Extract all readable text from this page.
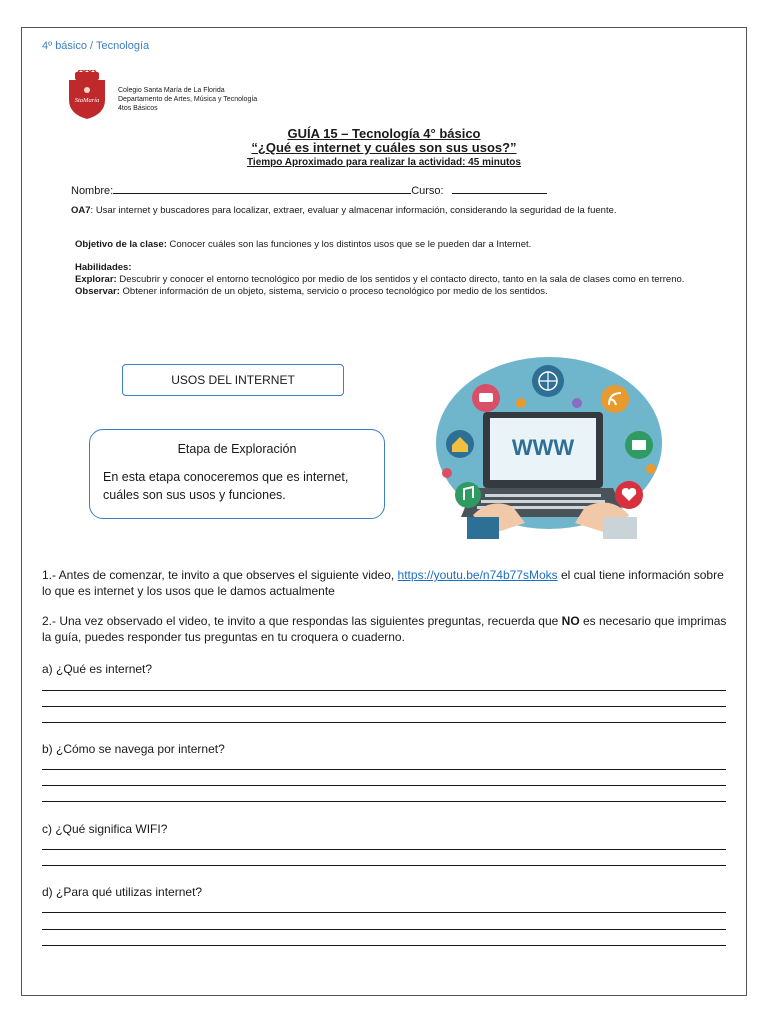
4º básico / Tecnología
StaMaría
Colegio Santa María de La Florida
Departamento de Artes, Música y Tecnología
4tos Básicos
GUÍA 15 – Tecnología 4° básico
“¿Qué es internet y cuáles son sus usos?”
Tiempo Aproximado para realizar la actividad: 45 minutos
Nombre:	Curso:
OA7: Usar internet y buscadores para localizar, extraer, evaluar y almacenar información, considerando la seguridad de la fuente.
Objetivo de la clase: Conocer cuáles son las funciones y los distintos usos que se le pueden dar a Internet.
Habilidades:
Explorar: Descubrir y conocer el entorno tecnológico por medio de los sentidos y el contacto directo, tanto en la sala de clases como en terreno.
Observar: Obtener información de un objeto, sistema, servicio o proceso tecnológico por medio de los sentidos.
USOS DEL INTERNET
Etapa de Exploración
En esta etapa conoceremos que es internet, cuáles son sus usos y funciones.
WWW
1.- Antes de comenzar, te invito a que observes el siguiente video, https://youtu.be/n74b77sMoks el cual tiene información sobre lo que es internet y los usos que le damos actualmente
2.- Una vez observado el video, te invito a que respondas las siguientes preguntas, recuerda que NO es necesario que imprimas la guía, puedes responder tus preguntas en tu croquera o cuaderno.
a) ¿Qué es internet?
b) ¿Cómo se navega por internet?
c) ¿Qué significa WIFI?
d) ¿Para qué utilizas internet?
